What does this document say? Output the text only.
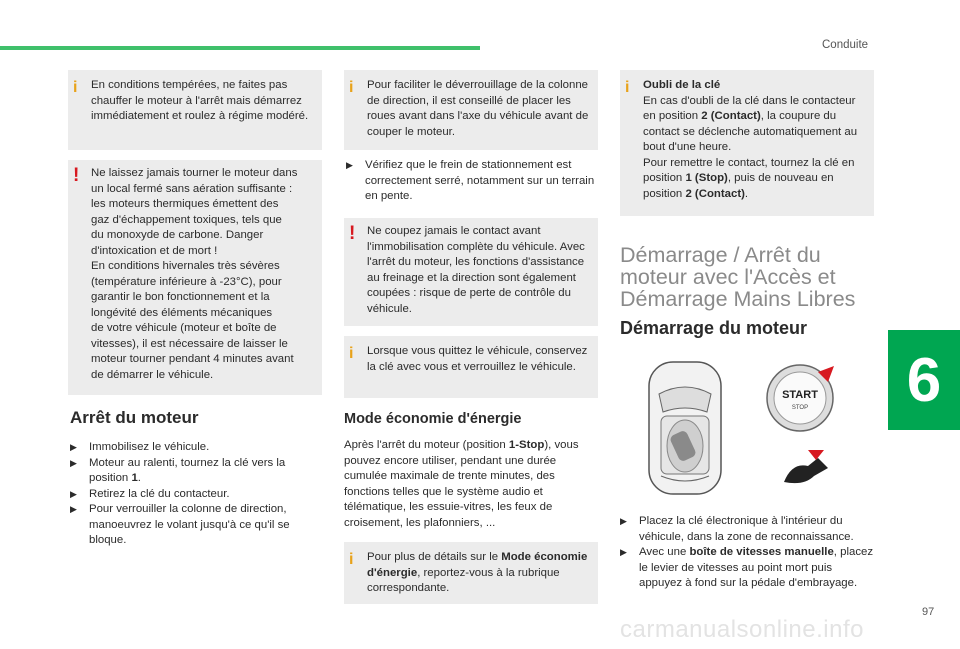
Conduite
6
97
i En conditions tempérées, ne faites pas chauffer le moteur à l'arrêt mais démarrez immédiatement et roulez à régime modéré.

! Ne laissez jamais tourner le moteur dans
un local fermé sans aération suffisante :
les moteurs thermiques émettent des
gaz d'échappement toxiques, tels que
du monoxyde de carbone. Danger
d'intoxication et de mort !
En conditions hivernales très sévères
(température inférieure à -23°C), pour
garantir le bon fonctionnement et la
longévité des éléments mécaniques
de votre véhicule (moteur et boîte de
vitesses), il est nécessaire de laisser le
moteur tourner pendant 4 minutes avant
de démarrer le véhicule.
Arrêt du moteur
▶ Immobilisez le véhicule.
▶ Moteur au ralenti, tournez la clé vers la position 1.
▶ Retirez la clé du contacteur.
▶ Pour verrouiller la colonne de direction, manoeuvrez le volant jusqu'à ce qu'il se bloque.
i Pour faciliter le déverrouillage de la colonne de direction, il est conseillé de placer les roues avant dans l'axe du véhicule avant de couper le moteur.

▶ Vérifiez que le frein de stationnement est correctement serré, notamment sur un terrain en pente.
! Ne coupez jamais le contact avant l'immobilisation complète du véhicule. Avec l'arrêt du moteur, les fonctions d'assistance au freinage et la direction sont également coupées : risque de perte de contrôle du véhicule.

i Lorsque vous quittez le véhicule, conservez la clé avec vous et verrouillez le véhicule.

Mode économie d'énergie
Après l'arrêt du moteur (position 1-Stop), vous pouvez encore utiliser, pendant une durée cumulée maximale de trente minutes, des fonctions telles que le système audio et télématique, les essuie-vitres, les feux de croisement, les plafonniers, ...
i Pour plus de détails sur le Mode économie d'énergie, reportez-vous à la rubrique correspondante.
i Oubli de la clé
En cas d'oubli de la clé dans le contacteur en position 2 (Contact), la coupure du contact se déclenche automatiquement au bout d'une heure.
Pour remettre le contact, tournez la clé en position 1 (Stop), puis de nouveau en position 2 (Contact).
Démarrage / Arrêt du moteur avec l'Accès et Démarrage Mains Libres
Démarrage du moteur
START
STOP
▶ Placez la clé électronique à l'intérieur du véhicule, dans la zone de reconnaissance.
▶ Avec une boîte de vitesses manuelle, placez le levier de vitesses au point mort puis appuyez à fond sur la pédale d'embrayage.
carmanualsonline.info
